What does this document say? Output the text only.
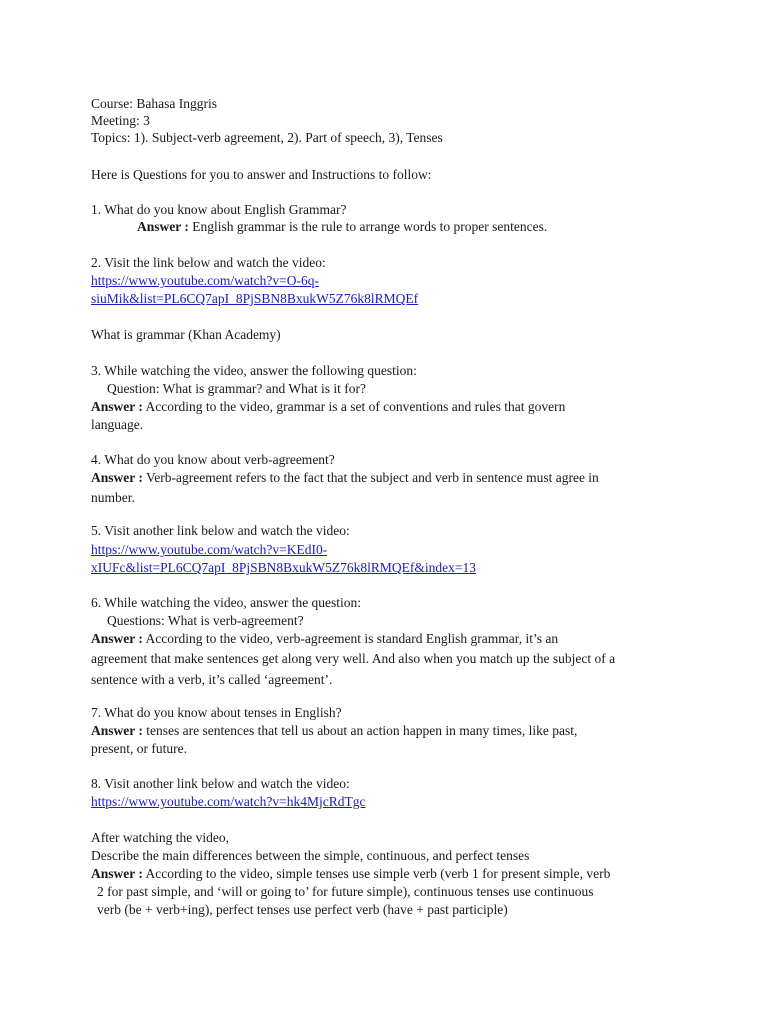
Course: Bahasa Inggris
Meeting: 3
Topics: 1). Subject-verb agreement, 2). Part of speech, 3), Tenses
Here is Questions for you to answer and Instructions to follow:
1. What do you know about English Grammar?
Answer : English grammar is the rule to arrange words to proper sentences.
2. Visit the link below and watch the video:
https://www.youtube.com/watch?v=O-6q-
siuMik&list=PL6CQ7apI_8PjSBN8BxukW5Z76k8lRMQEf
What is grammar (Khan Academy)
3. While watching the video, answer the following question:
Question: What is grammar? and What is it for?
Answer : According to the video, grammar is a set of conventions and rules that govern
language.
4. What do you know about verb-agreement?
Answer : Verb-agreement refers to the fact that the subject and verb in sentence must agree in
number.
5. Visit another link below and watch the video:
https://www.youtube.com/watch?v=KEdI0-
xIUFc&list=PL6CQ7apI_8PjSBN8BxukW5Z76k8lRMQEf&index=13
6. While watching the video, answer the question:
Questions: What is verb-agreement?
Answer : According to the video, verb-agreement is standard English grammar, it’s an
agreement that make sentences get along very well. And also when you match up the subject of a
sentence with a verb, it’s called ‘agreement’.
7. What do you know about tenses in English?
Answer : tenses are sentences that tell us about an action happen in many times, like past,
present, or future.
8. Visit another link below and watch the video:
https://www.youtube.com/watch?v=hk4MjcRdTgc
After watching the video,
Describe the main differences between the simple, continuous, and perfect tenses
Answer : According to the video, simple tenses use simple verb (verb 1 for present simple, verb
2 for past simple, and ‘will or going to’ for future simple), continuous tenses use continuous
verb (be + verb+ing), perfect tenses use perfect verb (have + past participle)
